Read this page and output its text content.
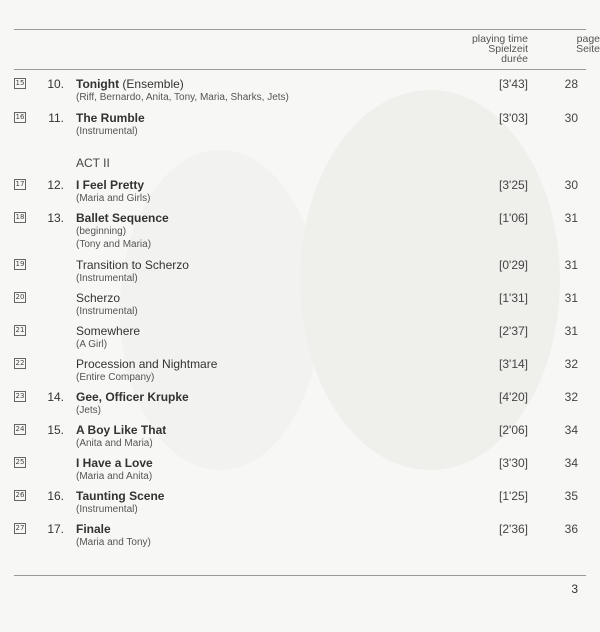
playing time
Spielzeit
durée
page
Seite
15 10. Tonight (Ensemble)
(Riff, Bernardo, Anita, Tony, Maria, Sharks, Jets)
[3'43]	28
16 11. The Rumble
(Instrumental)
[3'03]	30
17 12. I Feel Pretty
(Maria and Girls)
[3'25]	30
18 13. Ballet Sequence
(beginning)
(Tony and Maria)
[1'06]	31
19	Transition to Scherzo
(Instrumental)
[0'29]	31
20	Scherzo
(Instrumental)
[1'31]	31
21	Somewhere
(A Girl)
[2'37]	31
22	Procession and Nightmare
(Entire Company)
[3'14]	32
23 14. Gee, Officer Krupke
(Jets)
[4'20]	32
24 15. A Boy Like That
(Anita and Maria)
[2'06]	34
25	I Have a Love
(Maria and Anita)
[3'30]	34
26 16. Taunting Scene
(Instrumental)
[1'25]	35
27 17. Finale
(Maria and Tony)
[2'36]	36
3
ACT II
